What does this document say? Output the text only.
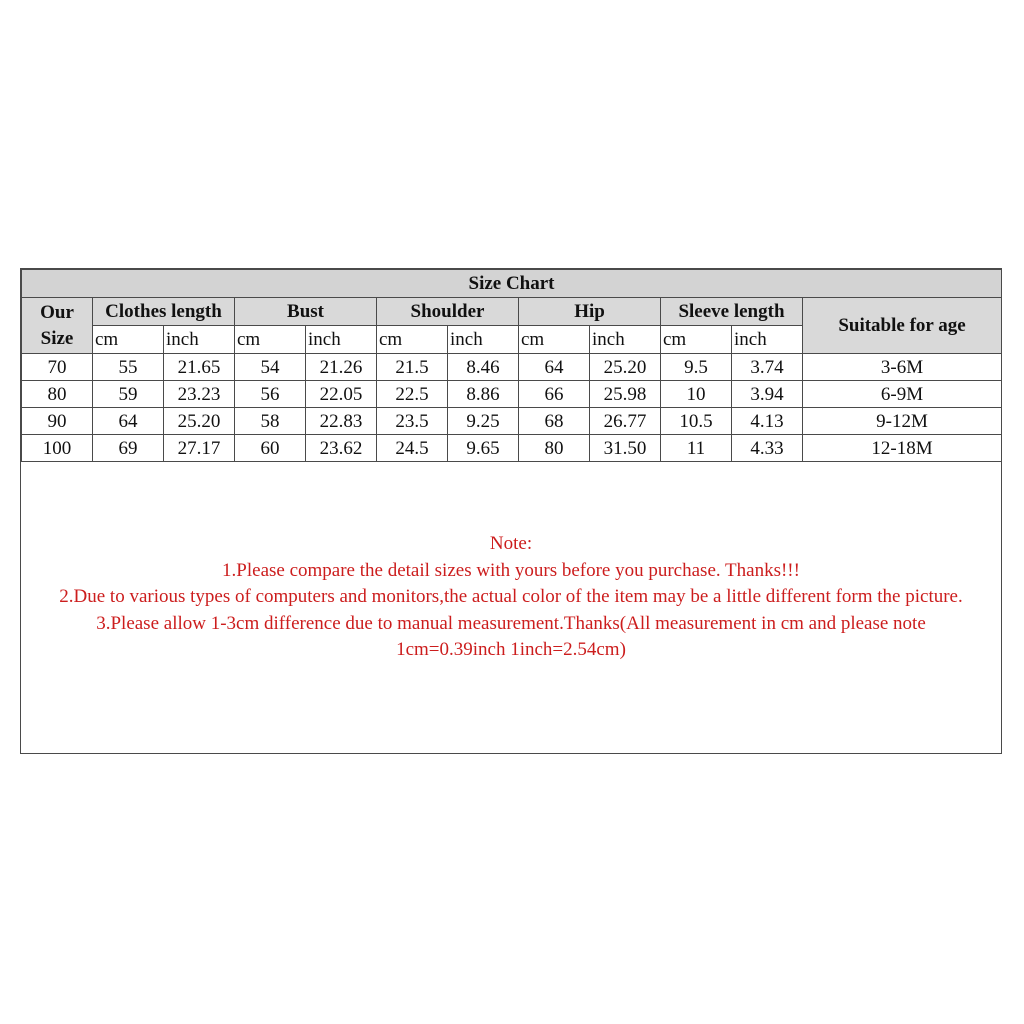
Size Chart											
Our Size	Clothes length		Bust		Shoulder		Hip		Sleeve length		Suitable for age
	cm	inch	cm	inch	cm	inch	cm	inch	cm	inch	
70	55	21.65	54	21.26	21.5	8.46	64	25.20	9.5	3.74	3-6M
80	59	23.23	56	22.05	22.5	8.86	66	25.98	10	3.94	6-9M
90	64	25.20	58	22.83	23.5	9.25	68	26.77	10.5	4.13	9-12M
100	69	27.17	60	23.62	24.5	9.65	80	31.50	11	4.33	12-18M

Note:

1.Please compare the detail sizes with yours before you purchase. Thanks!!!

2.Due to various types of computers and monitors,the actual color of the item may be a little different form the picture.

3.Please allow 1-3cm difference due to manual measurement.Thanks(All measurement in cm and please note 1cm=0.39inch 1inch=2.54cm)
